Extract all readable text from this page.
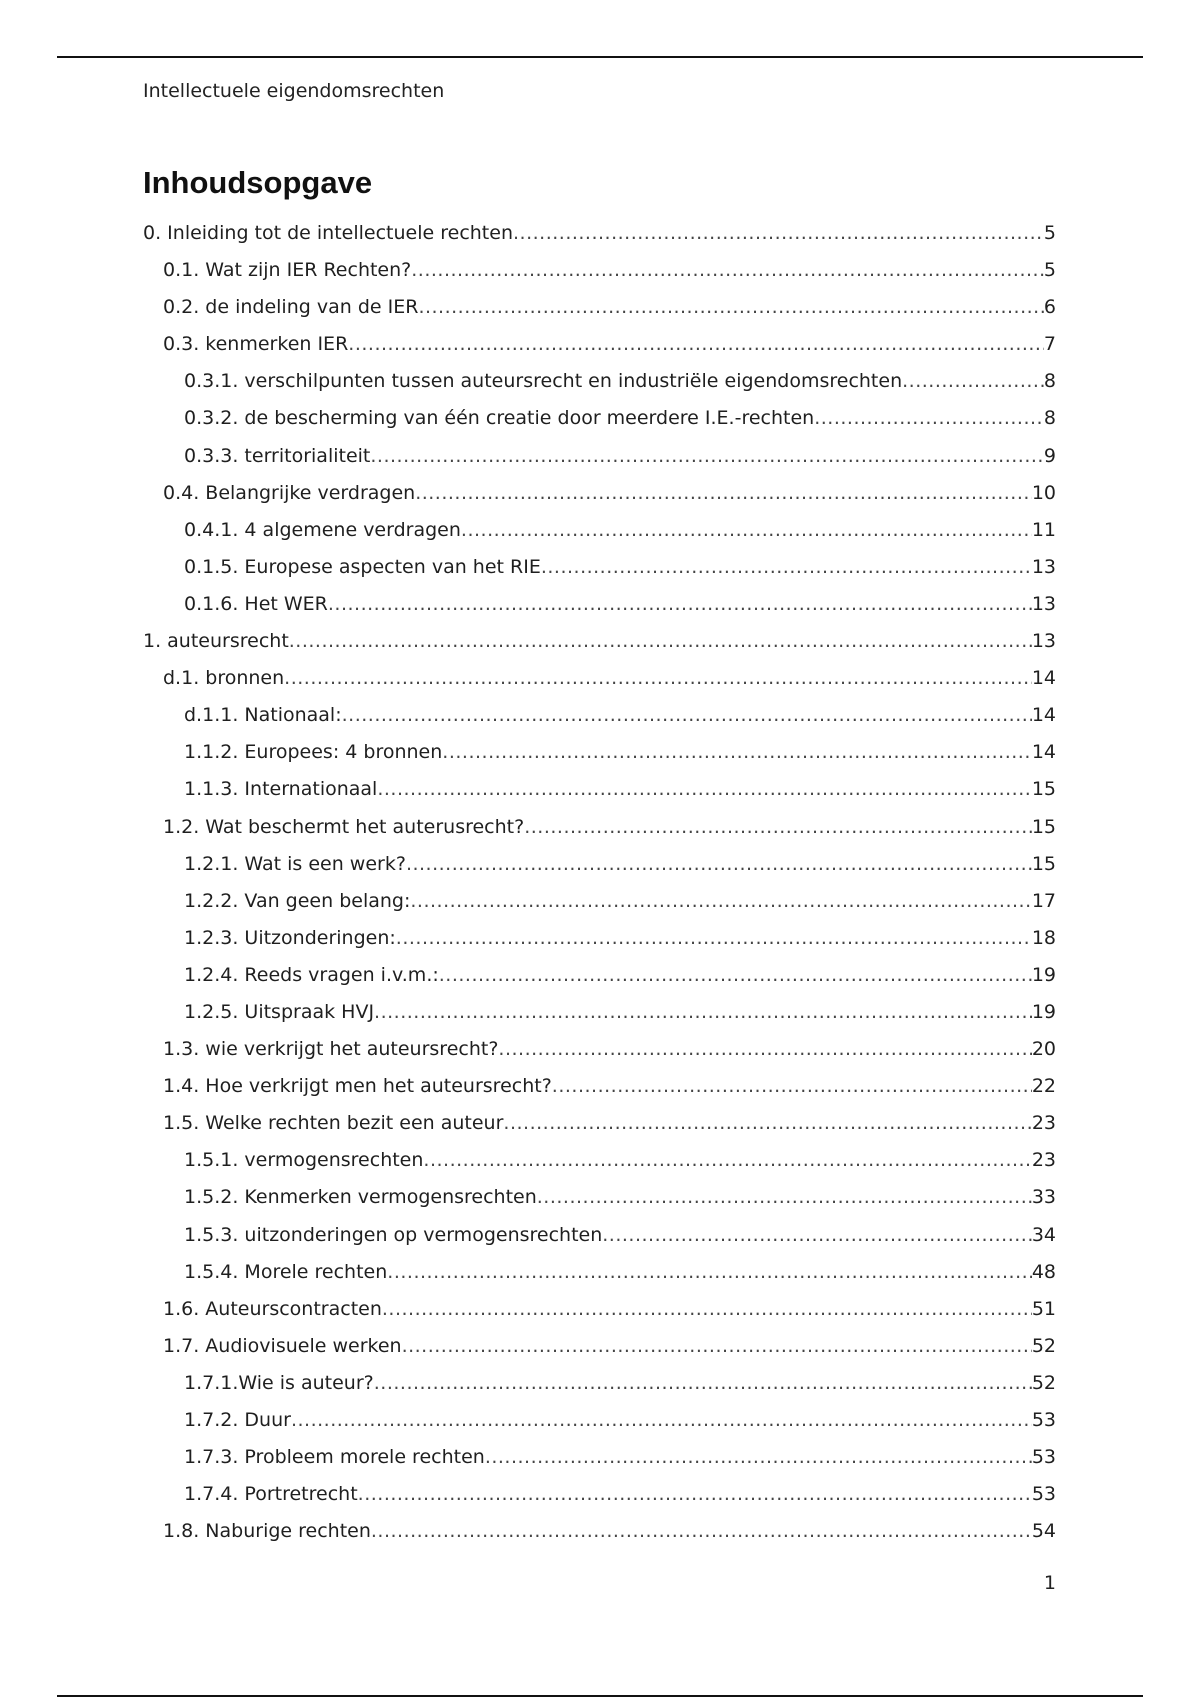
Intellectuele eigendomsrechten
Inhoudsopgave
0. Inleiding tot de intellectuele rechten .....	5
0.1. Wat zijn IER Rechten? .....	5
0.2. de indeling van de IER .....	6
0.3. kenmerken IER .....	7
0.3.1. verschilpunten tussen auteursrecht en industriële eigendomsrechten .....	8
0.3.2. de bescherming van één creatie door meerdere I.E.-rechten .....	8
0.3.3. territorialiteit .....	9
0.4. Belangrijke verdragen .....	10
0.4.1. 4 algemene verdragen .....	11
0.1.5. Europese aspecten van het RIE .....	13
0.1.6. Het WER .....	13
1. auteursrecht .....	13
d.1. bronnen .....	14
d.1.1. Nationaal: .....	14
1.1.2. Europees: 4 bronnen .....	14
1.1.3. Internationaal .....	15
1.2. Wat beschermt het auterusrecht? .....	15
1.2.1. Wat is een werk? .....	15
1.2.2. Van geen belang: .....	17
1.2.3. Uitzonderingen: .....	18
1.2.4. Reeds vragen i.v.m.: .....	19
1.2.5. Uitspraak HVJ .....	19
1.3. wie verkrijgt het auteursrecht? .....	20
1.4. Hoe verkrijgt men het auteursrecht? .....	22
1.5. Welke rechten bezit een auteur .....	23
1.5.1. vermogensrechten .....	23
1.5.2. Kenmerken vermogensrechten .....	33
1.5.3. uitzonderingen op vermogensrechten .....	34
1.5.4. Morele rechten .....	48
1.6. Auteurscontracten .....	51
1.7. Audiovisuele werken .....	52
1.7.1.Wie is auteur? .....	52
1.7.2. Duur .....	53
1.7.3. Probleem morele rechten .....	53
1.7.4. Portretrecht .....	53
1.8. Naburige rechten .....	54
1
